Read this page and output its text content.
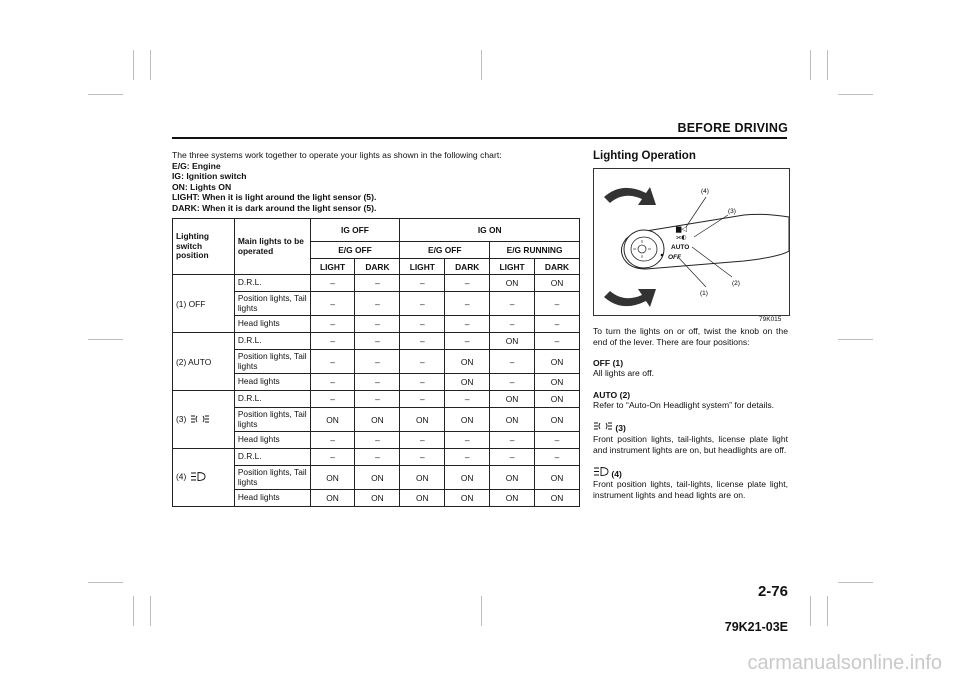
BEFORE DRIVING
The three systems work together to operate your lights as shown in the following chart:
E/G: Engine
IG: Ignition switch
ON: Lights ON
LIGHT: When it is light around the light sensor (5).
DARK: When it is dark around the light sensor (5).
Lighting switch position	Main lights to be operated	IG OFF		IG ON			
		E/G OFF		E/G OFF		E/G RUNNING	
		LIGHT	DARK	LIGHT	DARK	LIGHT	DARK
(1) OFF	D.R.L.	–	–	–	–	ON	ON
	Position lights, Tail lights	–	–	–	–	–	–
	Head lights	–	–	–	–	–	–
(2) AUTO	D.R.L.	–	–	–	–	ON	–
	Position lights, Tail lights	–	–	–	ON	–	ON
	Head lights	–	–	–	ON	–	ON
(3)	D.R.L.	–	–	–	–	ON	ON
	Position lights, Tail lights	ON	ON	ON	ON	ON	ON
	Head lights	–	–	–	–	–	–
(4)	D.R.L.	–	–	–	–	–	–
	Position lights, Tail lights	ON	ON	ON	ON	ON	ON
	Head lights	ON	ON	ON	ON	ON	ON
Lighting Operation
▆◁
⫘◐
AUTO
OFF
(4)
(3)
(2)
(1)
79K015

To turn the lights on or off, twist the knob on the end of the lever. There are four positions:

OFF (1)
All lights are off.

AUTO (2)
Refer to “Auto-On Headlight system” for details.

(3)
Front position lights, tail-lights, license plate light and instrument lights are on, but headlights are off.

(4)
Front position lights, tail-lights, license plate light, instrument lights and head lights are on.

2-76
79K21-03E
carmanualsonline.info
